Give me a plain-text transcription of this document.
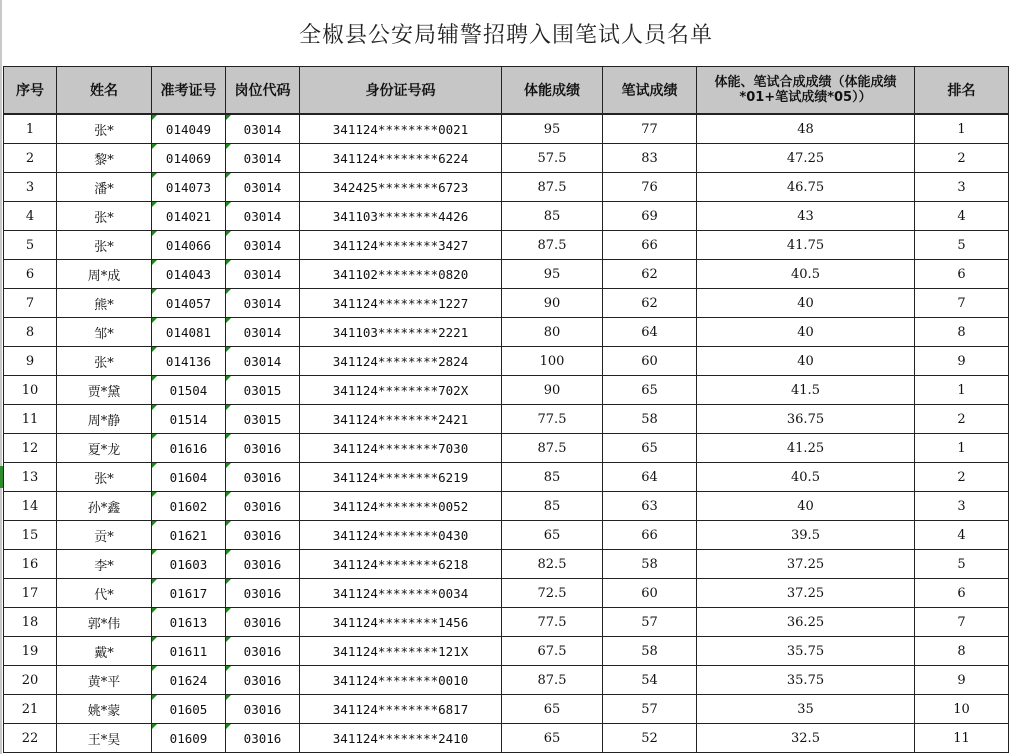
全椒县公安局辅警招聘入围笔试人员名单
序号	姓名	准考证号	岗位代码	身份证号码	体能成绩	笔试成绩	体能、笔试合成成绩（体能成绩*01+笔试成绩*05））	排名
1	张*	014049	03014	341124********0021	95	77	48	1
2	黎*	014069	03014	341124********6224	57.5	83	47.25	2
3	潘*	014073	03014	342425********6723	87.5	76	46.75	3
4	张*	014021	03014	341103********4426	85	69	43	4
5	张*	014066	03014	341124********3427	87.5	66	41.75	5
6	周*成	014043	03014	341102********0820	95	62	40.5	6
7	熊*	014057	03014	341124********1227	90	62	40	7
8	邹*	014081	03014	341103********2221	80	64	40	8
9	张*	014136	03014	341124********2824	100	60	40	9
10	贾*黛	01504	03015	341124********702X	90	65	41.5	1
11	周*静	01514	03015	341124********2421	77.5	58	36.75	2
12	夏*龙	01616	03016	341124********7030	87.5	65	41.25	1
13	张*	01604	03016	341124********6219	85	64	40.5	2
14	孙*鑫	01602	03016	341124********0052	85	63	40	3
15	贡*	01621	03016	341124********0430	65	66	39.5	4
16	李*	01603	03016	341124********6218	82.5	58	37.25	5
17	代*	01617	03016	341124********0034	72.5	60	37.25	6
18	郭*伟	01613	03016	341124********1456	77.5	57	36.25	7
19	戴*	01611	03016	341124********121X	67.5	58	35.75	8
20	黄*平	01624	03016	341124********0010	87.5	54	35.75	9
21	姚*蒙	01605	03016	341124********6817	65	57	35	10
22	王*昊	01609	03016	341124********2410	65	52	32.5	11
